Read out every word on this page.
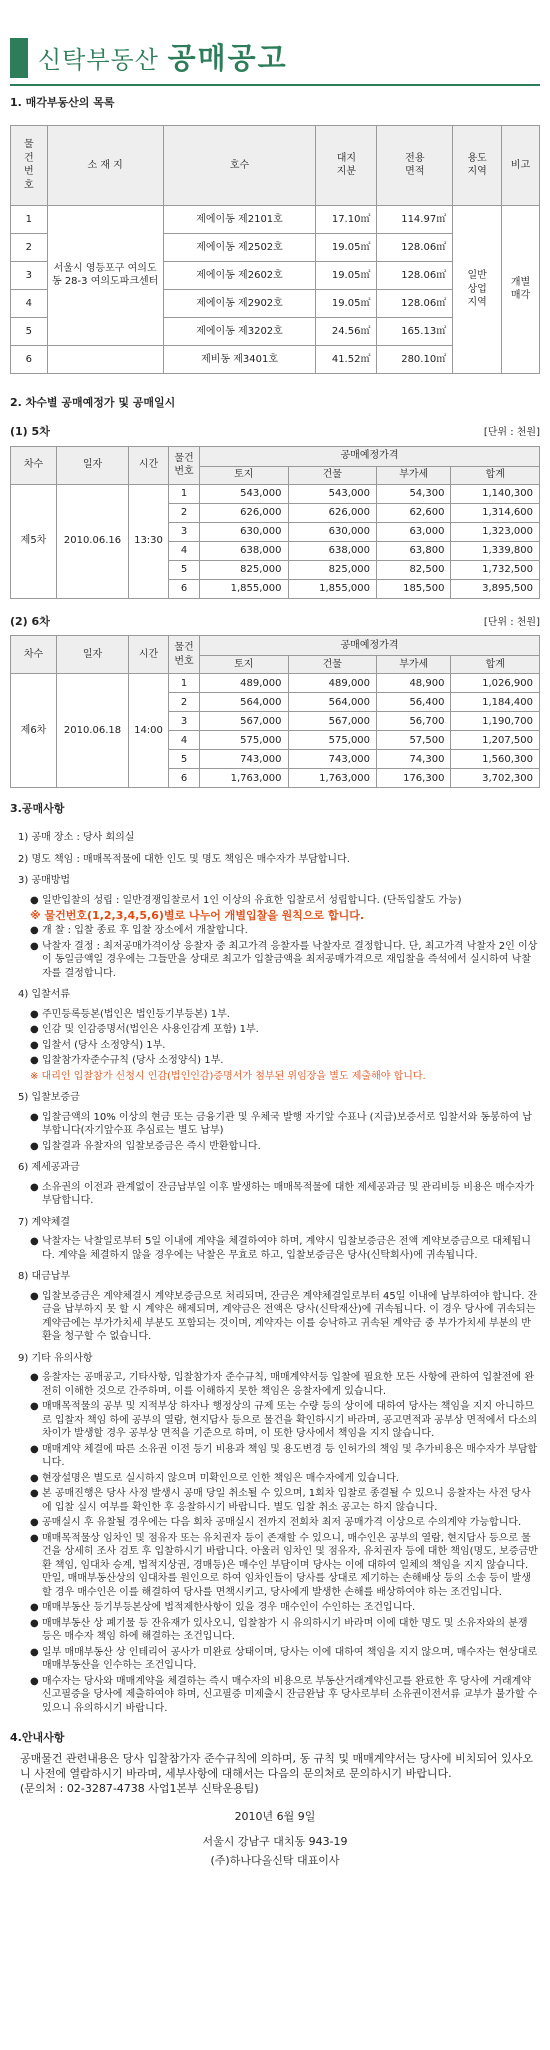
신탁부동산 공매공고
1. 매각부동산의 목록
물건번호	소 재 지	호수	대지지분	전용면적	용도지역	비고
1	서울시 영등포구 여의도동 28-3 여의도파크센터	제에이동 제2101호	17.10㎡	114.97㎡	일반상업지역	개별매각
2		제에이동 제2502호	19.05㎡	128.06㎡		
3		제에이동 제2602호	19.05㎡	128.06㎡		
4		제에이동 제2902호	19.05㎡	128.06㎡		
5		제에이동 제3202호	24.56㎡	165.13㎡		
6		제비동 제3401호	41.52㎡	280.10㎡		
2. 차수별 공매예정가 및 공매일시
(1) 5차	[단위 : 천원]
차수	일자	시간	물건번호	공매예정가격			
				토지	건물	부가세	합계
제5차	2010.06.16	13:30	1	543,000	543,000	54,300	1,140,300
			2	626,000	626,000	62,600	1,314,600
			3	630,000	630,000	63,000	1,323,000
			4	638,000	638,000	63,800	1,339,800
			5	825,000	825,000	82,500	1,732,500
			6	1,855,000	1,855,000	185,500	3,895,500
(2) 6차	[단위 : 천원]
차수	일자	시간	물건번호	공매예정가격			
				토지	건물	부가세	합계
제6차	2010.06.18	14:00	1	489,000	489,000	48,900	1,026,900
			2	564,000	564,000	56,400	1,184,400
			3	567,000	567,000	56,700	1,190,700
			4	575,000	575,000	57,500	1,207,500
			5	743,000	743,000	74,300	1,560,300
			6	1,763,000	1,763,000	176,300	3,702,300
3.공매사항
1) 공매 장소 : 당사 회의실
2) 명도 책임 : 매매목적물에 대한 인도 및 명도 책임은 매수자가 부담합니다.
3) 공매방법
● 일반입찰의 성립 : 일반경쟁입찰로서 1인 이상의 유효한 입찰로서 성립합니다. (단독입찰도 가능)
※ 물건번호(1,2,3,4,5,6)별로 나누어 개별입찰을 원칙으로 합니다.
● 개 찰 : 입찰 종료 후 입찰 장소에서 개찰합니다.
● 낙찰자 결정 : 최저공매가격이상 응찰자 중 최고가격 응찰자를 낙찰자로 결정합니다. 단, 최고가격 낙찰자 2인 이상이 동일금액일 경우에는 그들만을 상대로 최고가 입찰금액을 최저공매가격으로 재입찰을 즉석에서 실시하여 낙찰자를 결정합니다.
4) 입찰서류
● 주민등록등본(법인은 법인등기부등본) 1부.
● 인감 및 인감증명서(법인은 사용인감계 포함) 1부.
● 입찰서 (당사 소정양식) 1부.
● 입찰참가자준수규칙 (당사 소정양식) 1부.
※ 대리인 입찰참가 신청시 인감(법인인감)증명서가 첨부된 위임장을 별도 제출해야 합니다.
5) 입찰보증금
● 입찰금액의 10% 이상의 현금 또는 금융기관 및 우체국 발행 자기앞 수표나 (지급)보증서로 입찰서와 동봉하여 납부합니다(자기앞수표 추심료는 별도 납부)
● 입찰결과 유찰자의 입찰보증금은 즉시 반환합니다.
6) 제세공과금
● 소유권의 이전과 관계없이 잔금납부일 이후 발생하는 매매목적물에 대한 제세공과금 및 관리비등 비용은 매수자가 부담합니다.
7) 계약체결
● 낙찰자는 낙찰일로부터 5일 이내에 계약을 체결하여야 하며, 계약시 입찰보증금은 전액 계약보증금으로 대체됩니다. 계약을 체결하지 않을 경우에는 낙찰은 무효로 하고, 입찰보증금은 당사(신탁회사)에 귀속됩니다.
8) 대금납부
● 입찰보증금은 계약체결시 계약보증금으로 처리되며, 잔금은 계약체결일로부터 45일 이내에 납부하여야 합니다. 잔금을 납부하지 못 할 시 계약은 해제되며, 계약금은 전액은 당사(신탁재산)에 귀속됩니다. 이 경우 당사에 귀속되는 계약금에는 부가가치세 부분도 포함되는 것이며, 계약자는 이를 승낙하고 귀속된 계약금 중 부가가치세 부분의 반환을 청구할 수 없습니다.
9) 기타 유의사항
● 응찰자는 공매공고, 기타사항, 입찰참가자 준수규칙, 매매계약서등 입찰에 필요한 모든 사항에 관하여 입찰전에 완전히 이해한 것으로 간주하며, 이를 이해하지 못한 책임은 응찰자에게 있습니다.
● 매매목적물의 공부 및 지적부상 하자나 행정상의 규제 또는 수량 등의 상이에 대하여 당사는 책임을 지지 아니하므로 입찰자 책임 하에 공부의 열람, 현지답사 등으로 물건을 확인하시기 바라며, 공고면적과 공부상 면적에서 다소의 차이가 발생할 경우 공부상 면적을 기준으로 하며, 이 또한 당사에서 책임을 지지 않습니다.
● 매매계약 체결에 따른 소유권 이전 등기 비용과 책임 및 용도변경 등 인허가의 책임 및 추가비용은 매수자가 부담합니다.
● 현장설명은 별도로 실시하지 않으며 미확인으로 인한 책임은 매수자에게 있습니다.
● 본 공매진행은 당사 사정 발생시 공매 당일 취소될 수 있으며, 1회차 입찰로 종결될 수 있으니 응찰자는 사전 당사에 입찰 실시 여부를 확인한 후 응찰하시기 바랍니다. 별도 입찰 취소 공고는 하지 않습니다.
● 공매실시 후 유찰될 경우에는 다음 회차 공매실시 전까지 전회차 최저 공매가격 이상으로 수의계약 가능합니다.
● 매매목적물상 임차인 및 점유자 또는 유치권자 등이 존재할 수 있으니, 매수인은 공부의 열람, 현지답사 등으로 물건을 상세히 조사 검토 후 입찰하시기 바랍니다. 아울러 임차인 및 점유자, 유치권자 등에 대한 책임(명도, 보증금반환 책임, 임대차 승계, 법적지상권, 경매등)은 매수인 부담이며 당사는 이에 대하여 일체의 책임을 지지 않습니다. 만일, 매매부동산상의 임대차를 원인으로 하여 임차인들이 당사를 상대로 제기하는 손해배상 등의 소송 등이 발생할 경우 매수인은 이를 해결하여 당사를 면책시키고, 당사에게 발생한 손해를 배상하여야 하는 조건입니다.
● 매매부동산 등기부등본상에 법적제한사항이 있을 경우 매수인이 수인하는 조건입니다.
● 매매부동산 상 폐기물 등 잔유재가 있사오니, 입찰참가 시 유의하시기 바라며 이에 대한 명도 및 소유자와의 분쟁 등은 매수자 책임 하에 해결하는 조건입니다.
● 일부 매매부동산 상 인테리어 공사가 미완료 상태이며, 당사는 이에 대하여 책임을 지지 않으며, 매수자는 현상대로 매매부동산을 인수하는 조건입니다.
● 매수자는 당사와 매매계약을 체결하는 즉시 매수자의 비용으로 부동산거래계약신고를 완료한 후 당사에 거래계약신고필증을 당사에 제출하여야 하며, 신고필증 미제출시 잔금완납 후 당사로부터 소유권이전서류 교부가 불가할 수 있으니 유의하시기 바랍니다.
4.안내사항

공매물건 관련내용은 당사 입찰참가자 준수규칙에 의하며, 동 규칙 및 매매계약서는 당사에 비치되어 있사오니 사전에 열람하시기 바라며, 세부사항에 대해서는 다음의 문의처로 문의하시기 바랍니다.

(문의처 : 02-3287-4738 사업1본부 신탁운용팀)

2010년 6월 9일
서울시 강남구 대치동 943-19
(주)하나다올신탁 대표이사
